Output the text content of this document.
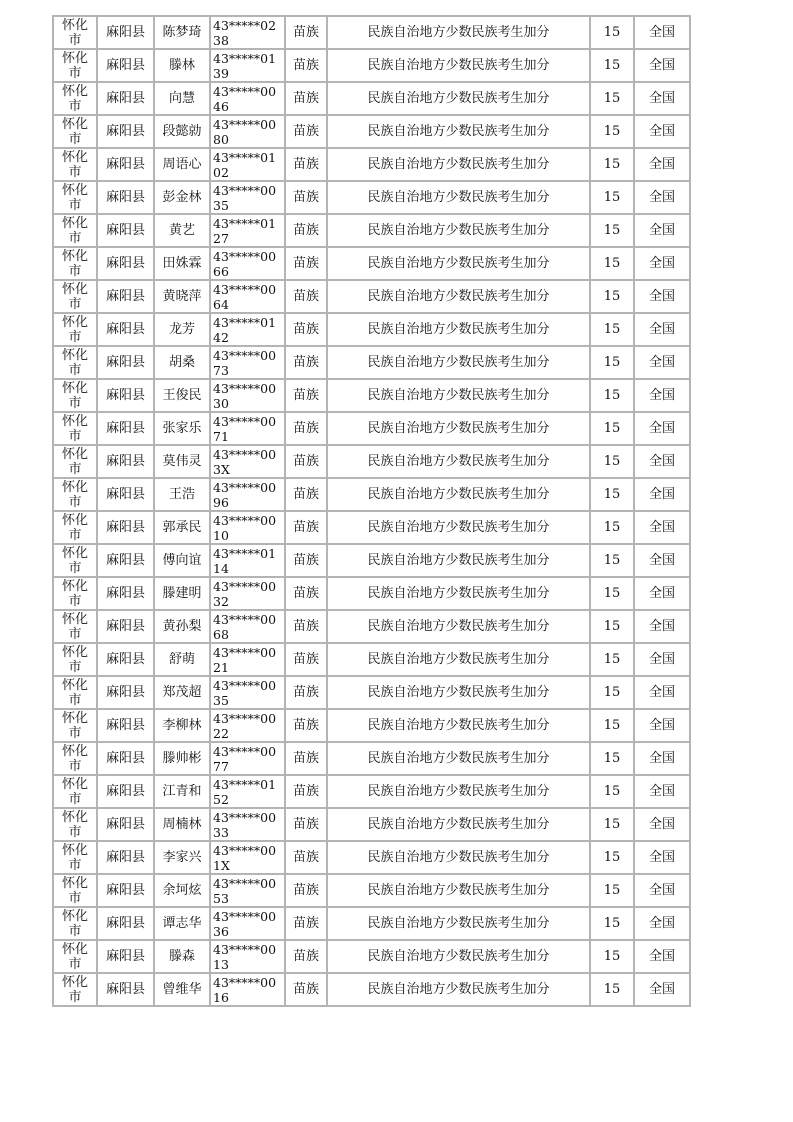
怀化市	麻阳县	陈梦琦	43*****0238	苗族	民族自治地方少数民族考生加分	15	全国

怀化市	麻阳县	滕林	43*****0139	苗族	民族自治地方少数民族考生加分	15	全国

怀化市	麻阳县	向慧	43*****0046	苗族	民族自治地方少数民族考生加分	15	全国

怀化市	麻阳县	段懿勍	43*****0080	苗族	民族自治地方少数民族考生加分	15	全国

怀化市	麻阳县	周语心	43*****0102	苗族	民族自治地方少数民族考生加分	15	全国

怀化市	麻阳县	彭金林	43*****0035	苗族	民族自治地方少数民族考生加分	15	全国

怀化市	麻阳县	黄艺	43*****0127	苗族	民族自治地方少数民族考生加分	15	全国

怀化市	麻阳县	田姝霖	43*****0066	苗族	民族自治地方少数民族考生加分	15	全国

怀化市	麻阳县	黄晓萍	43*****0064	苗族	民族自治地方少数民族考生加分	15	全国

怀化市	麻阳县	龙芳	43*****0142	苗族	民族自治地方少数民族考生加分	15	全国

怀化市	麻阳县	胡桑	43*****0073	苗族	民族自治地方少数民族考生加分	15	全国

怀化市	麻阳县	王俊民	43*****0030	苗族	民族自治地方少数民族考生加分	15	全国

怀化市	麻阳县	张家乐	43*****0071	苗族	民族自治地方少数民族考生加分	15	全国

怀化市	麻阳县	莫伟灵	43*****003X	苗族	民族自治地方少数民族考生加分	15	全国

怀化市	麻阳县	王浩	43*****0096	苗族	民族自治地方少数民族考生加分	15	全国

怀化市	麻阳县	郭承民	43*****0010	苗族	民族自治地方少数民族考生加分	15	全国

怀化市	麻阳县	傅向谊	43*****0114	苗族	民族自治地方少数民族考生加分	15	全国

怀化市	麻阳县	滕建明	43*****0032	苗族	民族自治地方少数民族考生加分	15	全国

怀化市	麻阳县	黄孙梨	43*****0068	苗族	民族自治地方少数民族考生加分	15	全国

怀化市	麻阳县	舒萌	43*****0021	苗族	民族自治地方少数民族考生加分	15	全国

怀化市	麻阳县	郑茂超	43*****0035	苗族	民族自治地方少数民族考生加分	15	全国

怀化市	麻阳县	李柳林	43*****0022	苗族	民族自治地方少数民族考生加分	15	全国

怀化市	麻阳县	滕帅彬	43*****0077	苗族	民族自治地方少数民族考生加分	15	全国

怀化市	麻阳县	江青和	43*****0152	苗族	民族自治地方少数民族考生加分	15	全国

怀化市	麻阳县	周楠林	43*****0033	苗族	民族自治地方少数民族考生加分	15	全国

怀化市	麻阳县	李家兴	43*****001X	苗族	民族自治地方少数民族考生加分	15	全国

怀化市	麻阳县	余坷炫	43*****0053	苗族	民族自治地方少数民族考生加分	15	全国

怀化市	麻阳县	谭志华	43*****0036	苗族	民族自治地方少数民族考生加分	15	全国

怀化市	麻阳县	滕森	43*****0013	苗族	民族自治地方少数民族考生加分	15	全国

怀化市	麻阳县	曾维华	43*****0016	苗族	民族自治地方少数民族考生加分	15	全国
